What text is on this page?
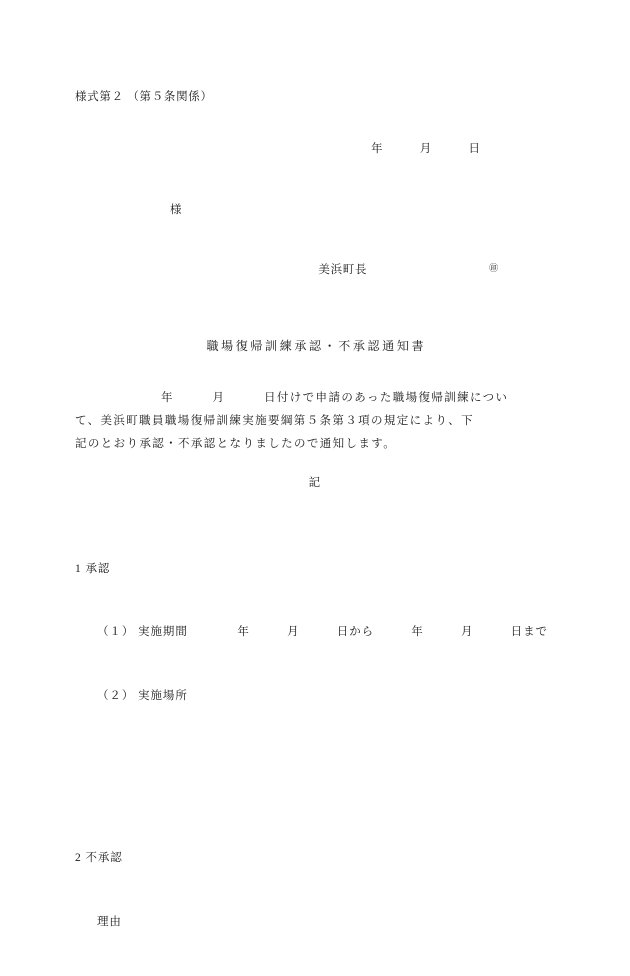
様式第２ （第５条関係）
年　　　月　　　日
様

美浜町長　　　　　　　　　　㊞

職場復帰訓練承認・不承認通知書
年　　　月　　　日付けで申請のあった職場復帰訓練につい
て、美浜町職員職場復帰訓練実施要綱第５条第３項の規定により、下
記のとおり承認・不承認となりましたので通知します。
記

1 承認

（１） 実施期間　　　　年　　　月　　　日から　　　年　　　月　　　日まで

（２） 実施場所

2 不承認

理由
